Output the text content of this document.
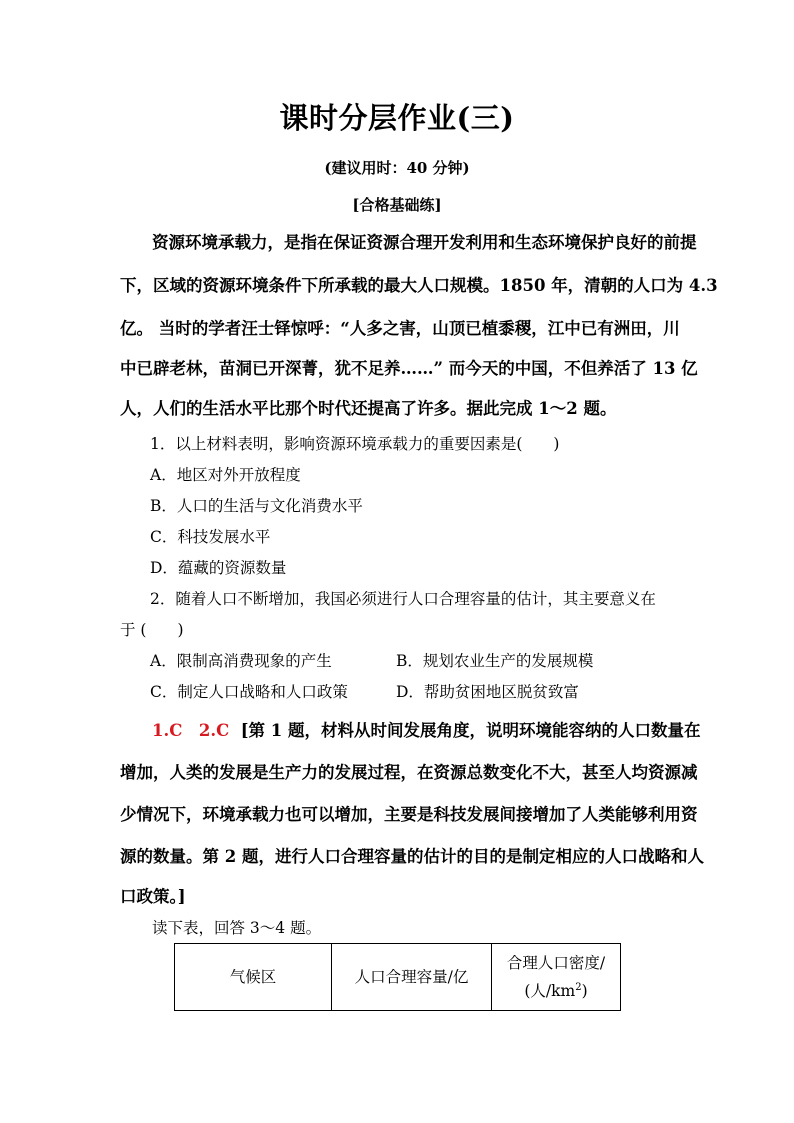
课时分层作业(三)
(建议用时：40 分钟)
[合格基础练]
资源环境承载力，是指在保证资源合理开发利用和生态环境保护良好的前提
下，区域的资源环境条件下所承载的最大人口规模。1850 年，清朝的人口为 4.3
亿。 当时的学者汪士铎惊呼：“人多之害，山顶已植黍稷，江中已有洲田，川
中已辟老林，苗洞已开深菁，犹不足养……” 而今天的中国，不但养活了 13 亿
人，人们的生活水平比那个时代还提高了许多。据此完成 1～2 题。
1．以上材料表明，影响资源环境承载力的重要因素是(　　)
A．地区对外开放程度
B．人口的生活与文化消费水平
C．科技发展水平
D．蕴藏的资源数量
2．随着人口不断增加，我国必须进行人口合理容量的估计，其主要意义在
于 (　　)
A．限制高消费现象的产生	B．规划农业生产的发展规模
C．制定人口战略和人口政策	D．帮助贫困地区脱贫致富
1.C　2.C [第 1 题，材料从时间发展角度，说明环境能容纳的人口数量在
增加，人类的发展是生产力的发展过程，在资源总数变化不大，甚至人均资源减
少情况下，环境承载力也可以增加，主要是科技发展间接增加了人类能够利用资
源的数量。第 2 题，进行人口合理容量的估计的目的是制定相应的人口战略和人
口政策。]
读下表，回答 3～4 题。
气候区	人口合理容量/亿	合理人口密度/
(人$/km^2$)
